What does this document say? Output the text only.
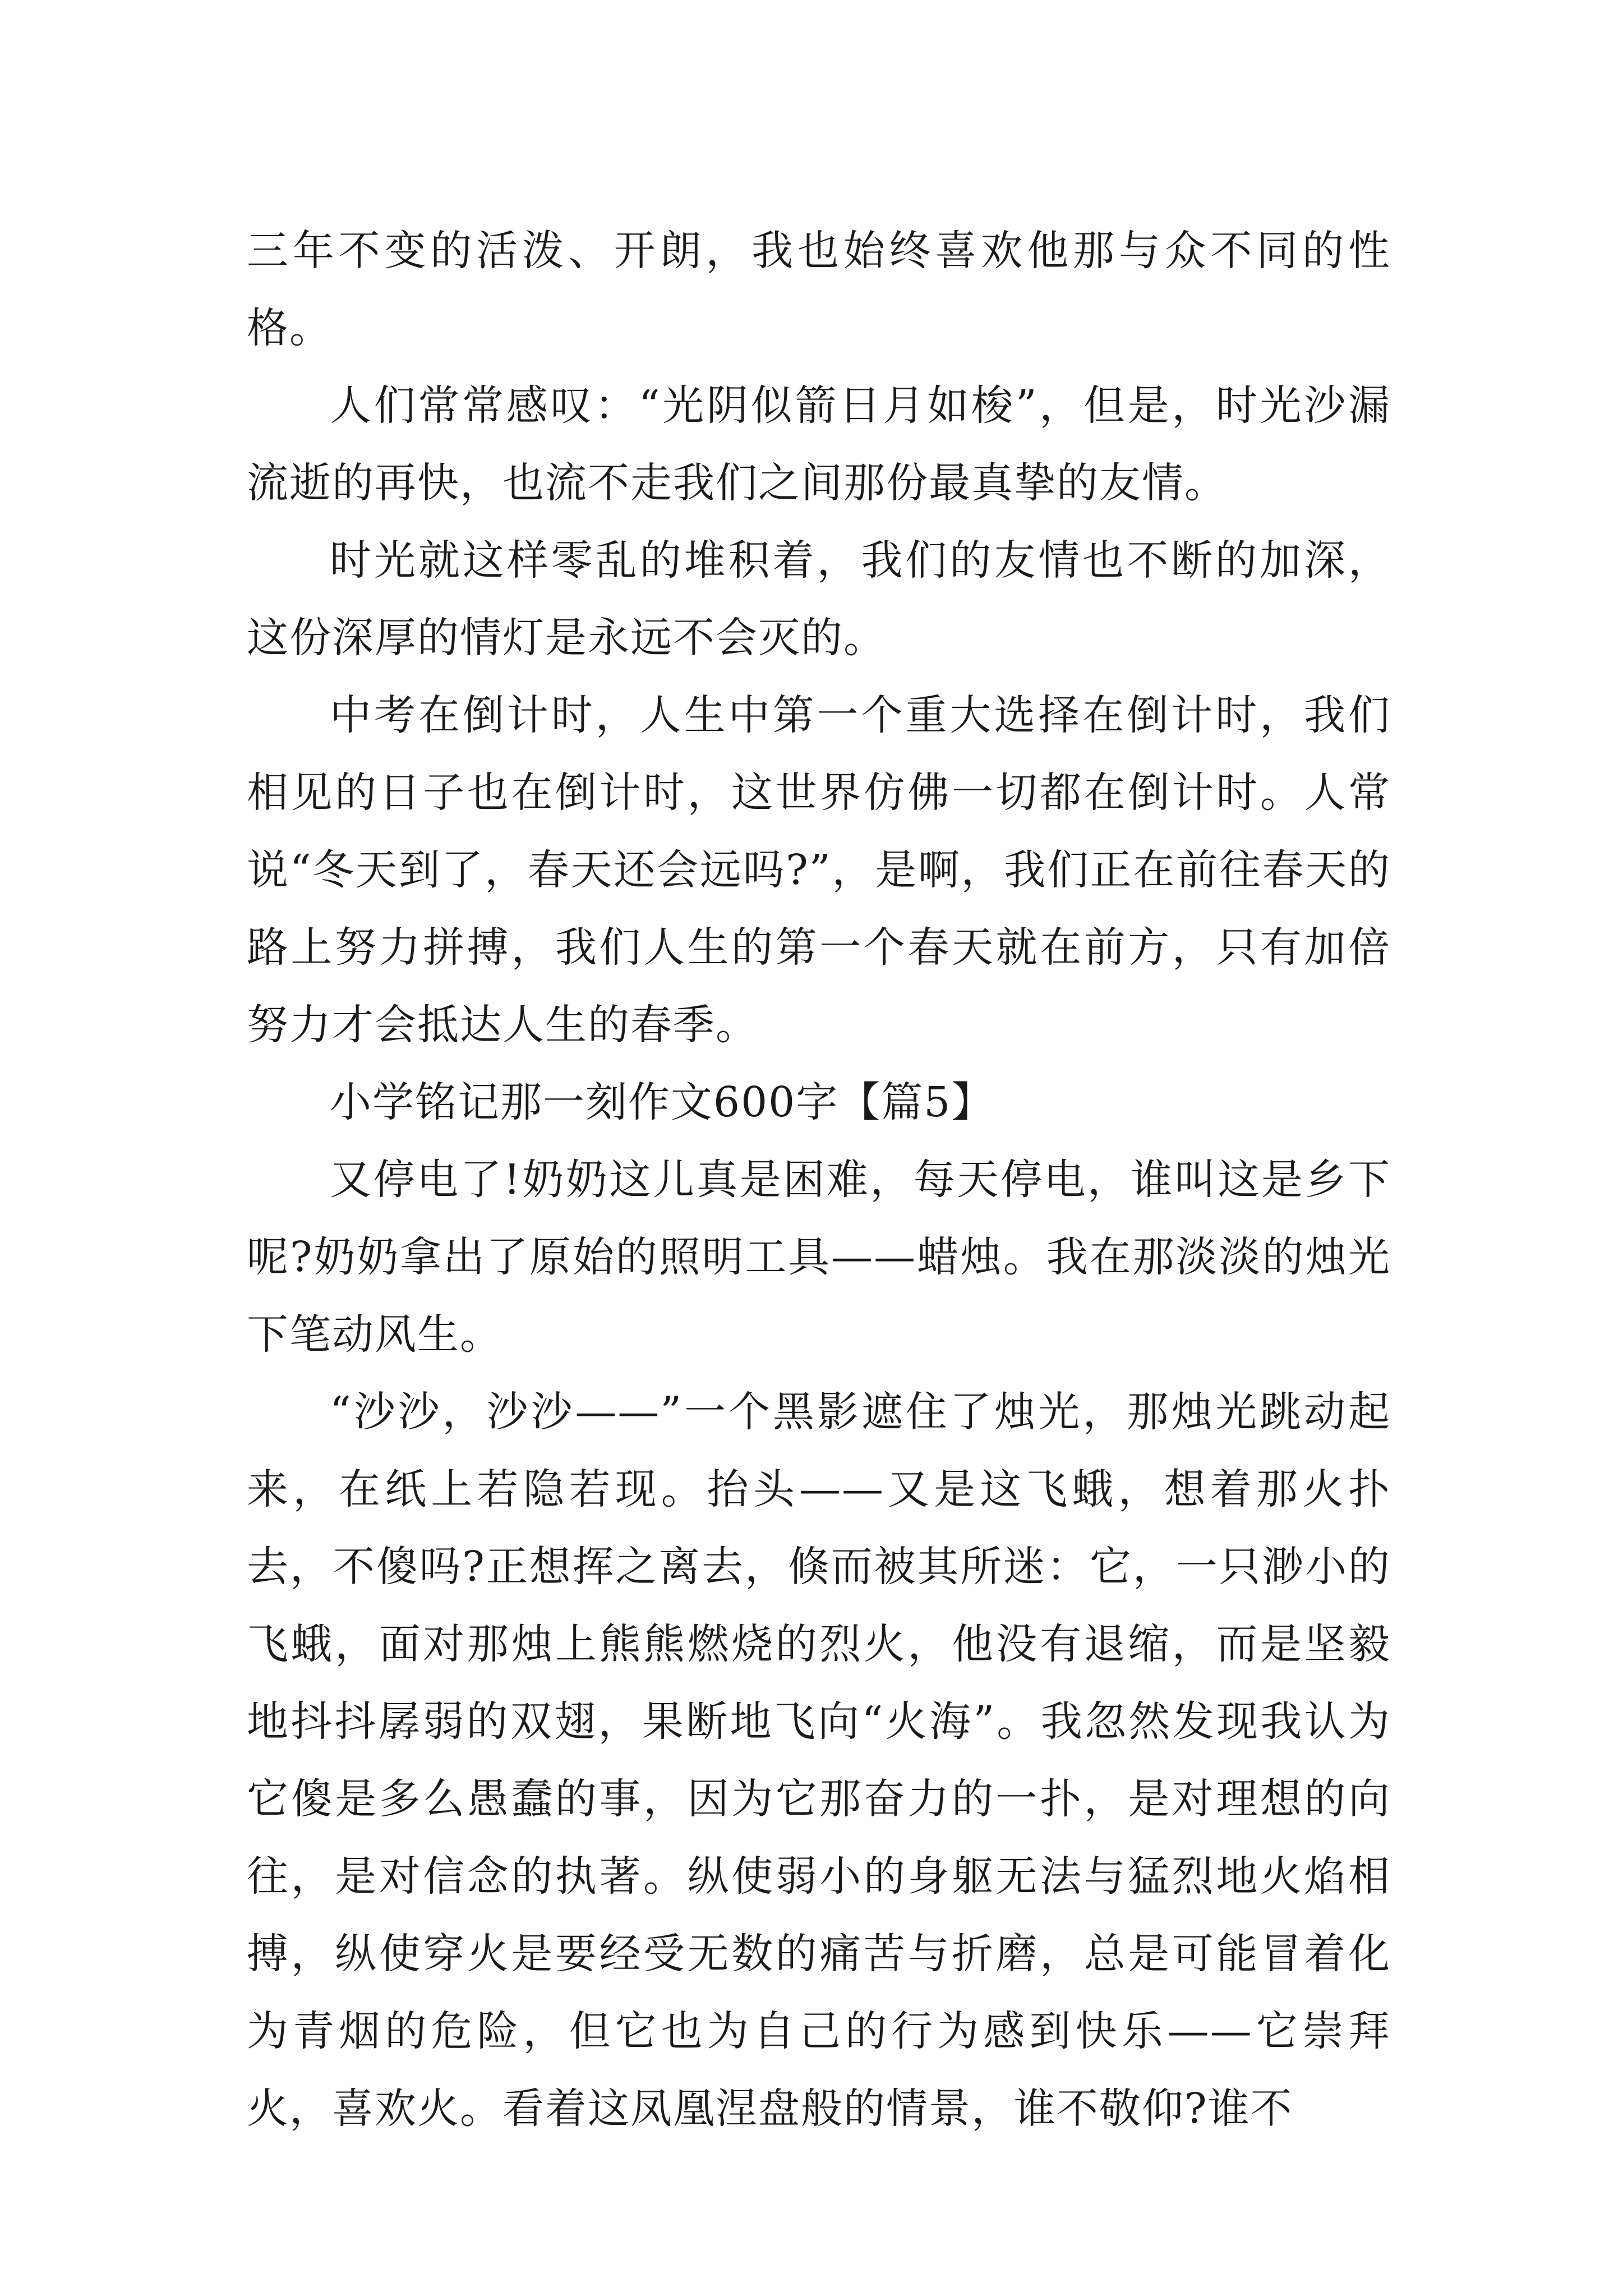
三年不变的活泼、开朗，我也始终喜欢他那与众不同的性格。

人们常常感叹：“光阴似箭日月如梭”，但是，时光沙漏流逝的再快，也流不走我们之间那份最真挚的友情。

时光就这样零乱的堆积着，我们的友情也不断的加深，这份深厚的情灯是永远不会灭的。

中考在倒计时，人生中第一个重大选择在倒计时，我们相见的日子也在倒计时，这世界仿佛一切都在倒计时。人常说“冬天到了，春天还会远吗?”，是啊，我们正在前往春天的路上努力拼搏，我们人生的第一个春天就在前方，只有加倍努力才会抵达人生的春季。

小学铭记那一刻作文600字【篇5】

又停电了!奶奶这儿真是困难，每天停电，谁叫这是乡下呢?奶奶拿出了原始的照明工具——蜡烛。我在那淡淡的烛光下笔动风生。

“沙沙，沙沙——”一个黑影遮住了烛光，那烛光跳动起来，在纸上若隐若现。抬头——又是这飞蛾，想着那火扑去，不傻吗?正想挥之离去，倏而被其所迷：它，一只渺小的飞蛾，面对那烛上熊熊燃烧的烈火，他没有退缩，而是坚毅地抖抖孱弱的双翅，果断地飞向“火海”。我忽然发现我认为它傻是多么愚蠢的事，因为它那奋力的一扑，是对理想的向往，是对信念的执著。纵使弱小的身躯无法与猛烈地火焰相搏，纵使穿火是要经受无数的痛苦与折磨，总是可能冒着化为青烟的危险，但它也为自己的行为感到快乐——它崇拜火，喜欢火。看着这凤凰涅盘般的情景，谁不敬仰?谁不
